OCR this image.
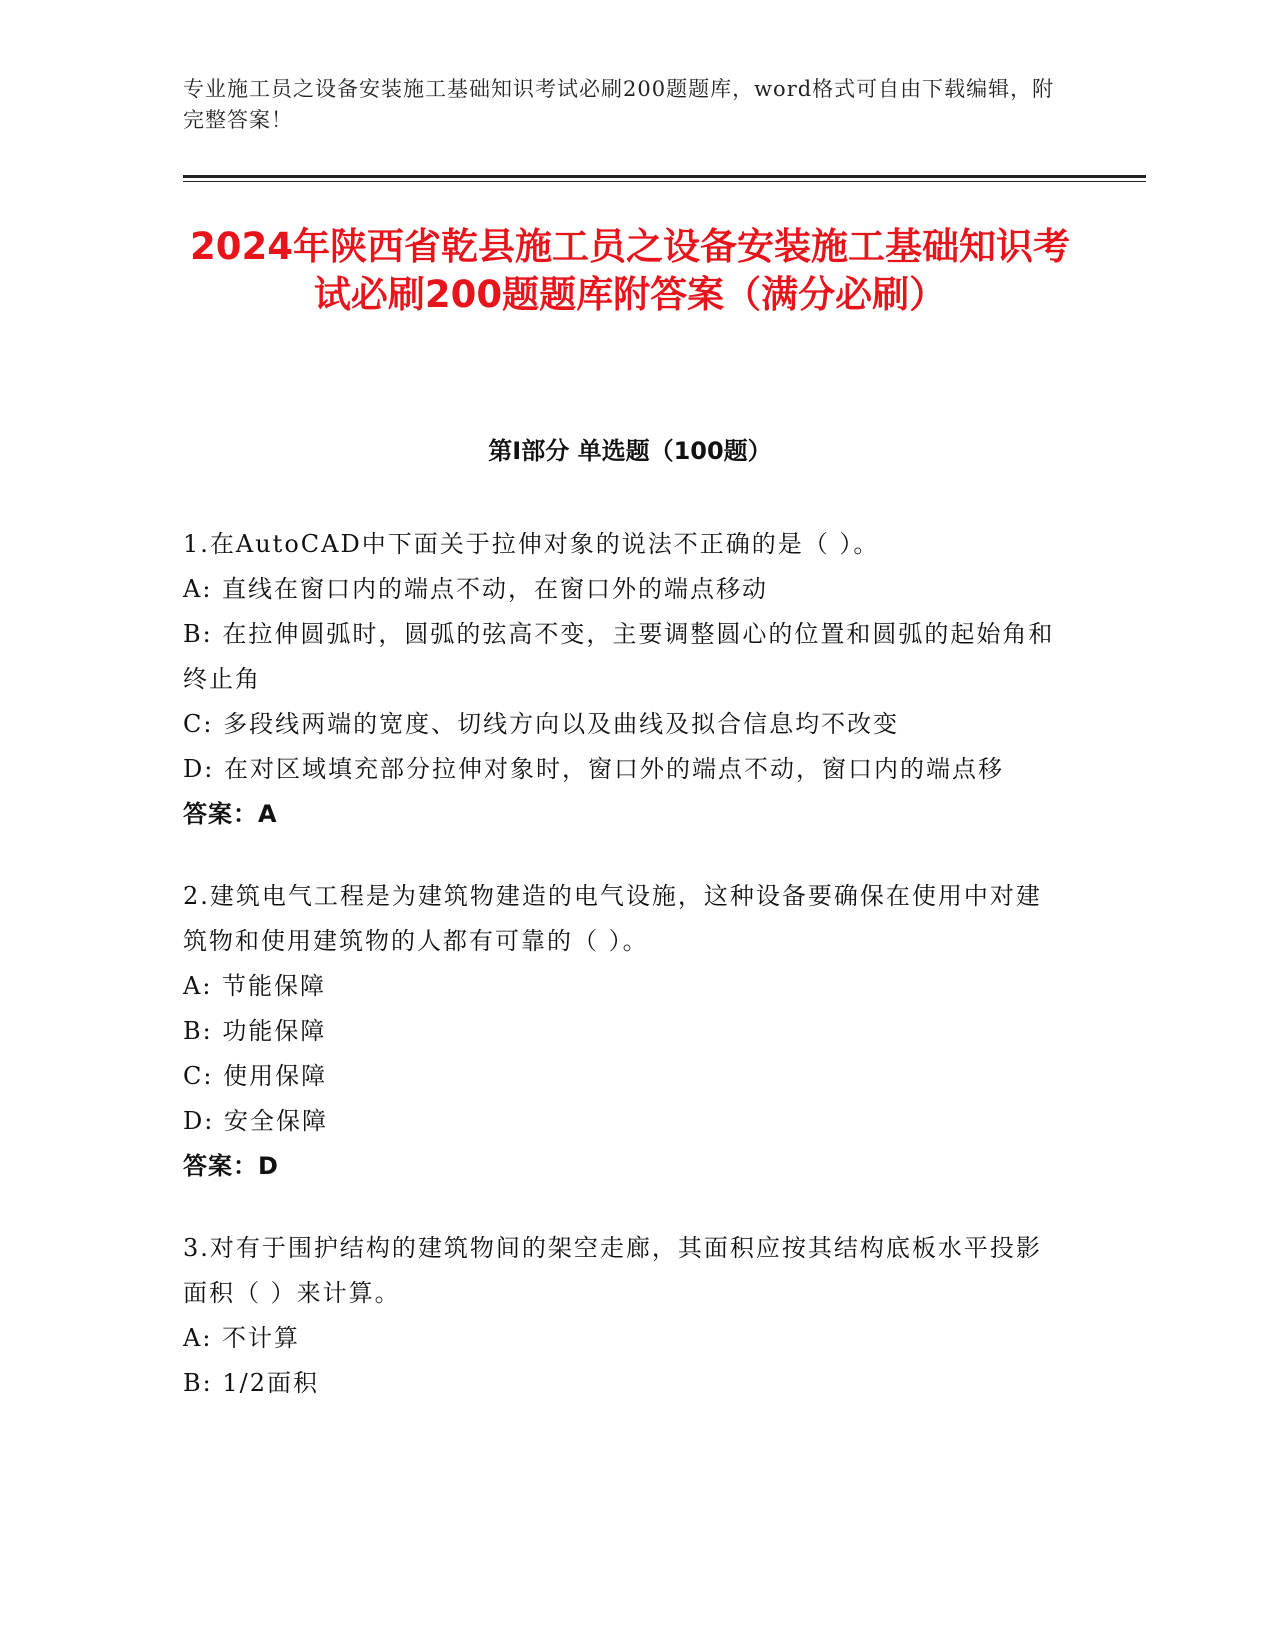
专业施工员之设备安装施工基础知识考试必刷200题题库，word格式可自由下载编辑，附完整答案！
2024年陕西省乾县施工员之设备安装施工基础知识考试必刷200题题库附答案（满分必刷）
第I部分 单选题（100题）
1.在AutoCAD中下面关于拉伸对象的说法不正确的是（ ）。
A: 直线在窗口内的端点不动，在窗口外的端点移动
B: 在拉伸圆弧时，圆弧的弦高不变，主要调整圆心的位置和圆弧的起始角和终止角
C: 多段线两端的宽度、切线方向以及曲线及拟合信息均不改变
D: 在对区域填充部分拉伸对象时，窗口外的端点不动，窗口内的端点移
答案：A
2.建筑电气工程是为建筑物建造的电气设施，这种设备要确保在使用中对建筑物和使用建筑物的人都有可靠的（ ）。
A: 节能保障
B: 功能保障
C: 使用保障
D: 安全保障
答案：D
3.对有于围护结构的建筑物间的架空走廊，其面积应按其结构底板水平投影面积（ ）来计算。
A: 不计算
B: 1/2面积
